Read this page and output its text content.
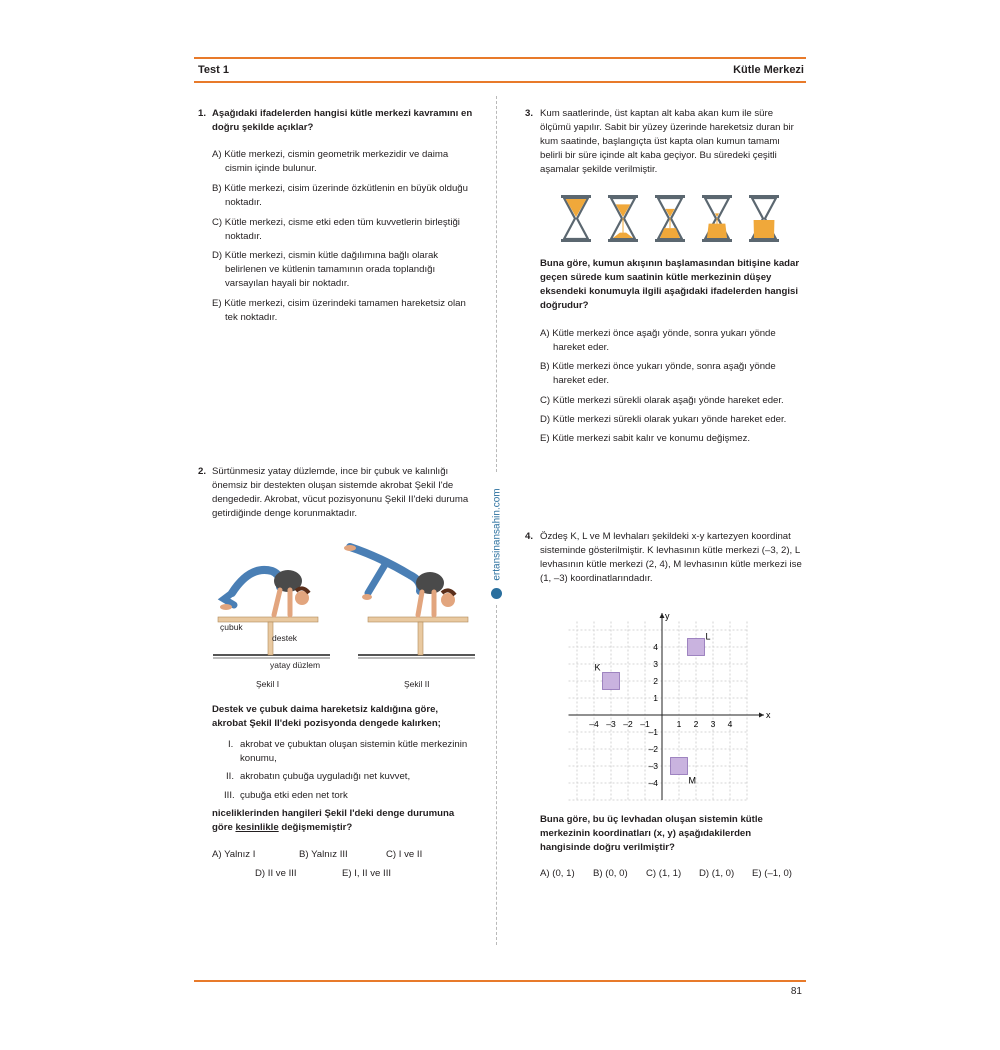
Test 1	Kütle Merkezi
ertansinansahin.com
1. Aşağıdaki ifadelerden hangisi kütle merkezi kavramını en
doğru şekilde açıklar?
A) Kütle merkezi, cismin geometrik merkezidir ve daima
cismin içinde bulunur.
B) Kütle merkezi, cisim üzerinde özkütlenin en büyük olduğu
noktadır.
C) Kütle merkezi, cisme etki eden tüm kuvvetlerin birleştiği
noktadır.
D) Kütle merkezi, cismin kütle dağılımına bağlı olarak
belirlenen ve kütlenin tamamının orada toplandığı
varsayılan hayali bir noktadır.
E) Kütle merkezi, cisim üzerindeki tamamen hareketsiz olan
tek noktadır.
2. Sürtünmesiz yatay düzlemde, ince bir çubuk ve kalınlığı
önemsiz bir destekten oluşan sistemde akrobat Şekil I'de
dengededir. Akrobat, vücut pozisyonunu Şekil II'deki duruma
getirdiğinde denge korunmaktadır.
çubuk
destek
yatay düzlem
Şekil I	Şekil II
Destek ve çubuk daima hareketsiz kaldığına göre,
akrobat Şekil II'deki pozisyonda dengede kalırken;
I. akrobat ve çubuktan oluşan sistemin kütle merkezinin
konumu,
II. akrobatın çubuğa uyguladığı net kuvvet,
III. çubuğa etki eden net tork
niceliklerinden hangileri Şekil I'deki denge durumuna
göre kesinlikle değişmemiştir?
A) Yalnız I	B) Yalnız III	C) I ve II
D) II ve III	E) I, II ve III
3. Kum saatlerinde, üst kaptan alt kaba akan kum ile süre
ölçümü yapılır. Sabit bir yüzey üzerinde hareketsiz duran bir
kum saatinde, başlangıçta üst kapta olan kumun tamamı
belirli bir süre içinde alt kaba geçiyor. Bu süredeki çeşitli
aşamalar şekilde verilmiştir.
Buna göre, kumun akışının başlamasından bitişine kadar
geçen sürede kum saatinin kütle merkezinin düşey
eksendeki konumuyla ilgili aşağıdaki ifadelerden hangisi
doğrudur?
A) Kütle merkezi önce aşağı yönde, sonra yukarı yönde
hareket eder.
B) Kütle merkezi önce yukarı yönde, sonra aşağı yönde
hareket eder.
C) Kütle merkezi sürekli olarak aşağı yönde hareket eder.
D) Kütle merkezi sürekli olarak yukarı yönde hareket eder.
E) Kütle merkezi sabit kalır ve konumu değişmez.
4. Özdeş K, L ve M levhaları şekildeki x-y kartezyen koordinat
sisteminde gösterilmiştir. K levhasının kütle merkezi (–3, 2), L
levhasının kütle merkezi (2, 4), M levhasının kütle merkezi ise
(1, –3) koordinatlarındadır.
x
y
–4 –3 –2 –1	1 2 3 4
4
3
2
1
–1
–2
–3
–4
K
L
M
Buna göre, bu üç levhadan oluşan sistemin kütle
merkezinin koordinatları (x, y) aşağıdakilerden
hangisinde doğru verilmiştir?
A) (0, 1) B) (0, 0) C) (1, 1) D) (1, 0) E) (–1, 0)
81
